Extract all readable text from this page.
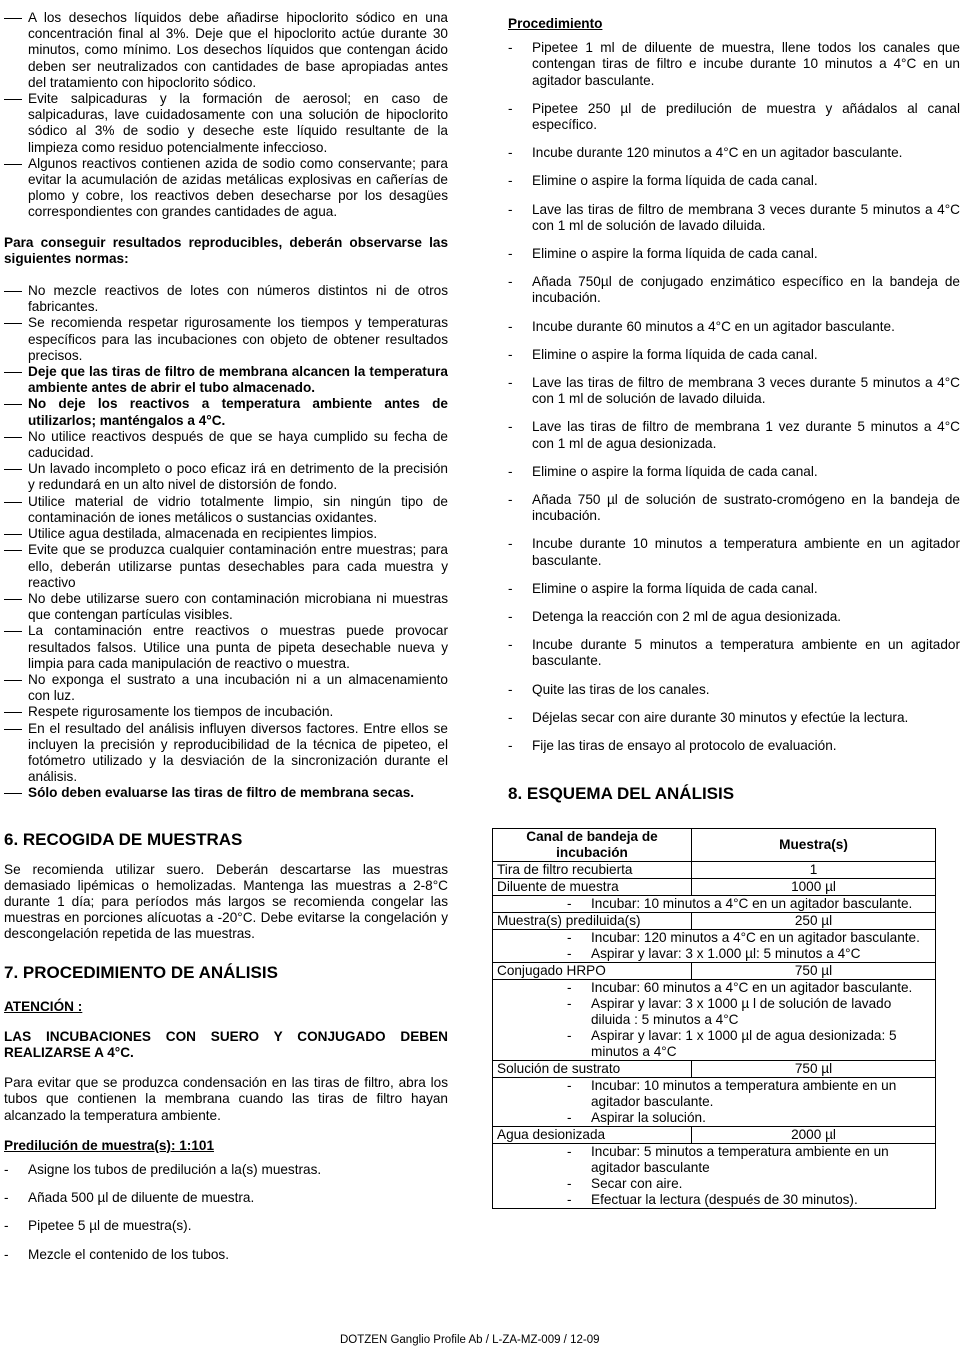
A los desechos líquidos debe añadirse hipoclorito sódico en una concentración final al 3%. Deje que el hipoclorito actúe durante 30 minutos, como mínimo. Los desechos líquidos que contengan ácido deben ser neutralizados con cantidades de base apropiadas antes del tratamiento con hipoclorito sódico.

Evite salpicaduras y la formación de aerosol; en caso de salpicaduras, lave cuidadosamente con una solución de hipoclorito sódico al 3% de sodio y deseche este líquido resultante de la limpieza como residuo potencialmente infeccioso.

Algunos reactivos contienen azida de sodio como conservante; para evitar la acumulación de azidas metálicas explosivas en cañerías de plomo y cobre, los reactivos deben desecharse por los desagües correspondientes con grandes cantidades de agua.

Para conseguir resultados reproducibles, deberán observarse las siguientes normas:

No mezcle reactivos de lotes con números distintos ni de otros fabricantes.

Se recomienda respetar rigurosamente los tiempos y temperaturas específicos para las incubaciones con objeto de obtener resultados precisos.

Deje que las tiras de filtro de membrana alcancen la temperatura ambiente antes de abrir el tubo almacenado.

No deje los reactivos a temperatura ambiente antes de utilizarlos; manténgalos a 4°C.

No utilice reactivos después de que se haya cumplido su fecha de caducidad.

Un lavado incompleto o poco eficaz irá en detrimento de la precisión y redundará en un alto nivel de distorsión de fondo.

Utilice material de vidrio totalmente limpio, sin ningún tipo de contaminación de iones metálicos o sustancias oxidantes.

Utilice agua destilada, almacenada en recipientes limpios.

Evite que se produzca cualquier contaminación entre muestras; para ello, deberán utilizarse puntas desechables para cada muestra y reactivo

No debe utilizarse suero con contaminación microbiana ni muestras que contengan partículas visibles.

La contaminación entre reactivos o muestras puede provocar resultados falsos. Utilice una punta de pipeta desechable nueva y limpia para cada manipulación de reactivo o muestra.

No exponga el sustrato a una incubación ni a un almacenamiento con luz.

Respete rigurosamente los tiempos de incubación.

En el resultado del análisis influyen diversos factores. Entre ellos se incluyen la precisión y reproducibilidad de la técnica de pipeteo, el fotómetro utilizado y la desviación de la sincronización durante el análisis.

Sólo deben evaluarse las tiras de filtro de membrana secas.

6. RECOGIDA DE MUESTRAS

Se recomienda utilizar suero. Deberán descartarse las muestras demasiado lipémicas o hemolizadas. Mantenga las muestras a 2-8°C durante 1 día; para períodos más largos se recomienda congelar las muestras en porciones alícuotas a -20°C. Debe evitarse la congelación y descongelación repetida de las muestras.

7. PROCEDIMIENTO DE ANÁLISIS

ATENCIÓN :

LAS INCUBACIONES CON SUERO Y CONJUGADO DEBEN REALIZARSE A 4°C.

Para evitar que se produzca condensación en las tiras de filtro, abra los tubos que contienen la membrana cuando las tiras de filtro hayan alcanzado la temperatura ambiente.

Predilución de muestra(s): 1:101

- Asigne los tubos de predilución a la(s) muestras.

- Añada 500 µl de diluente de muestra.

- Pipetee 5 µl de muestra(s).

- Mezcle el contenido de los tubos.

Procedimiento

- Pipetee 1 ml de diluente de muestra, llene todos los canales que contengan tiras de filtro e incube durante 10 minutos a 4°C en un agitador basculante.

- Pipetee 250 µl de predilución de muestra y añádalos al canal específico.

- Incube durante 120 minutos a 4°C en un agitador basculante.

- Elimine o aspire la forma líquida de cada canal.

- Lave las tiras de filtro de membrana 3 veces durante 5 minutos a 4°C con 1 ml de solución de lavado diluida.

- Elimine o aspire la forma líquida de cada canal.

- Añada 750µl de conjugado enzimático específico en la bandeja de incubación.

- Incube durante 60 minutos a 4°C en un agitador basculante.

- Elimine o aspire la forma líquida de cada canal.

- Lave las tiras de filtro de membrana 3 veces durante 5 minutos a 4°C con 1 ml de solución de lavado diluida.

- Lave las tiras de filtro de membrana 1 vez durante 5 minutos a 4°C con 1 ml de agua desionizada.

- Elimine o aspire la forma líquida de cada canal.

- Añada 750 µl de solución de sustrato-cromógeno en la bandeja de incubación.

- Incube durante 10 minutos a temperatura ambiente en un agitador basculante.

- Elimine o aspire la forma líquida de cada canal.

- Detenga la reacción con 2 ml de agua desionizada.

- Incube durante 5 minutos a temperatura ambiente en un agitador basculante.

- Quite las tiras de los canales.

- Déjelas secar con aire durante 30 minutos y efectúe la lectura.

- Fije las tiras de ensayo al protocolo de evaluación.

8. ESQUEMA DEL ANÁLISIS
Canal de bandeja de incubación	Muestra(s)
Tira de filtro recubierta	1
Diluente de muestra	1000 µl

- Incubar: 10 minutos a 4°C en un agitador basculante.

Muestra(s) prediluida(s)	250 µl

- Incubar: 120 minutos a 4°C en un agitador basculante.
- Aspirar y lavar: 3 x 1.000 µl: 5 minutos a 4°C

Conjugado HRPO	750 µl

- Incubar: 60 minutos a 4°C en un agitador basculante.
- Aspirar y lavar: 3 x 1000 µ l de solución de lavado diluida : 5 minutos a 4°C
- Aspirar y lavar: 1 x 1000 µl de agua desionizada: 5 minutos a 4°C

Solución de sustrato	750 µl

- Incubar: 10 minutos a temperatura ambiente en un agitador basculante.
- Aspirar la solución.

Agua desionizada	2000 µl

- Incubar: 5 minutos a temperatura ambiente en un agitador basculante
- Secar con aire.
- Efectuar la lectura (después de 30 minutos).
DOTZEN Ganglio Profile Ab / L-ZA-MZ-009 / 12-09
